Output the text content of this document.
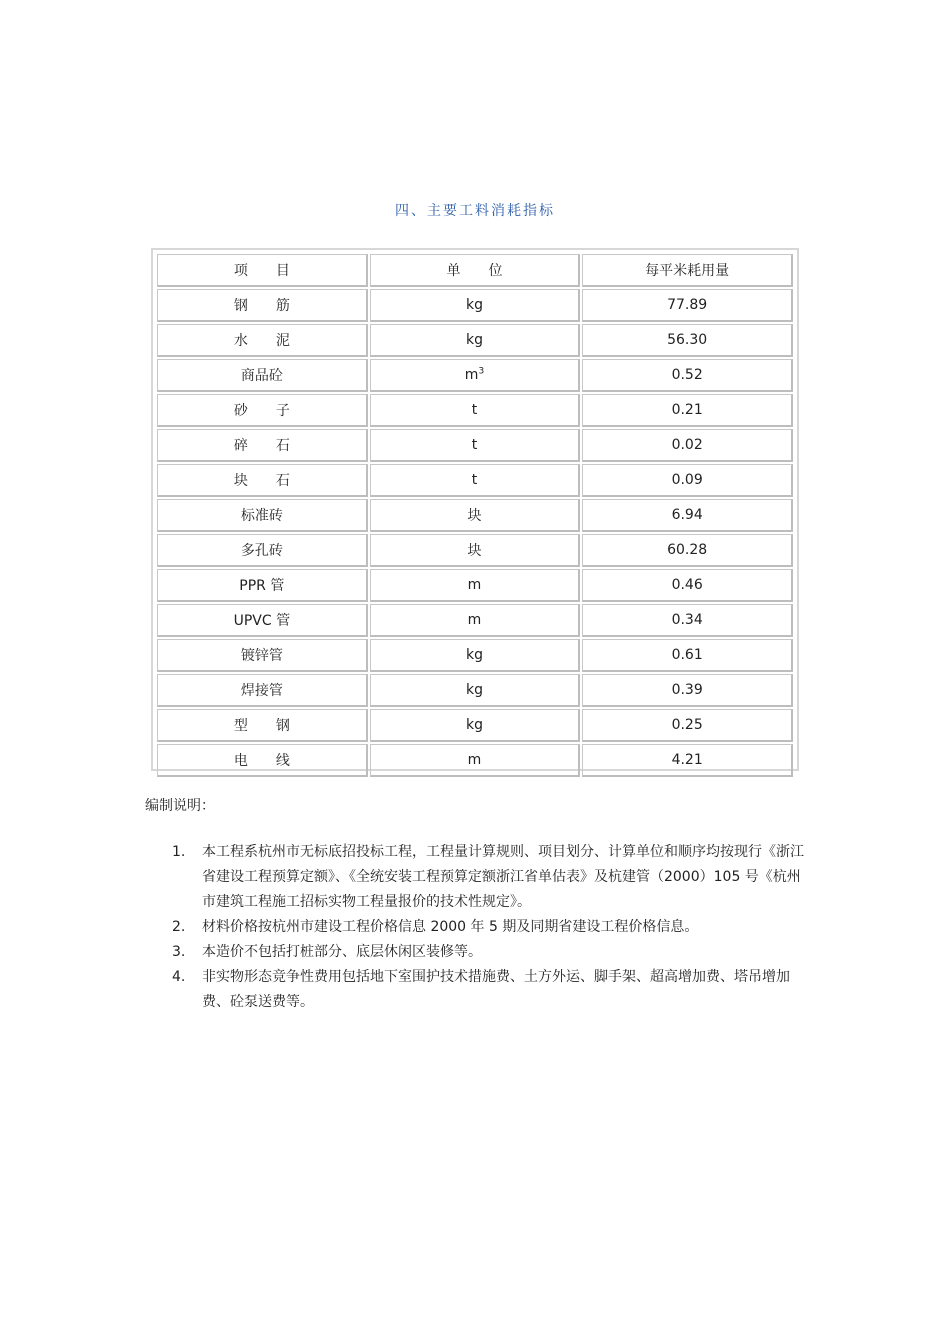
四、主要工料消耗指标
项　　目	单　　位	每平米耗用量
钢　　筋	kg	77.89
水　　泥	kg	56.30
商品砼	$m^3$	0.52
砂　　子	t	0.21
碎　　石	t	0.02
块　　石	t	0.09
标准砖	块	6.94
多孔砖	块	60.28
PPR 管	m	0.46
UPVC 管	m	0.34
镀锌管	kg	0.61
焊接管	kg	0.39
型　　钢	kg	0.25
电　　线	m	4.21
编制说明：
1. 本工程系杭州市无标底招投标工程，工程量计算规则、项目划分、计算单位和顺序均按现行《浙江省建设工程预算定额》、《全统安装工程预算定额浙江省单估表》及杭建管（2000）105 号《杭州市建筑工程施工招标实物工程量报价的技术性规定》。
2. 材料价格按杭州市建设工程价格信息 2000 年 5 期及同期省建设工程价格信息。
3. 本造价不包括打桩部分、底层休闲区装修等。
4. 非实物形态竞争性费用包括地下室围护技术措施费、土方外运、脚手架、超高增加费、塔吊增加费、砼泵送费等。
